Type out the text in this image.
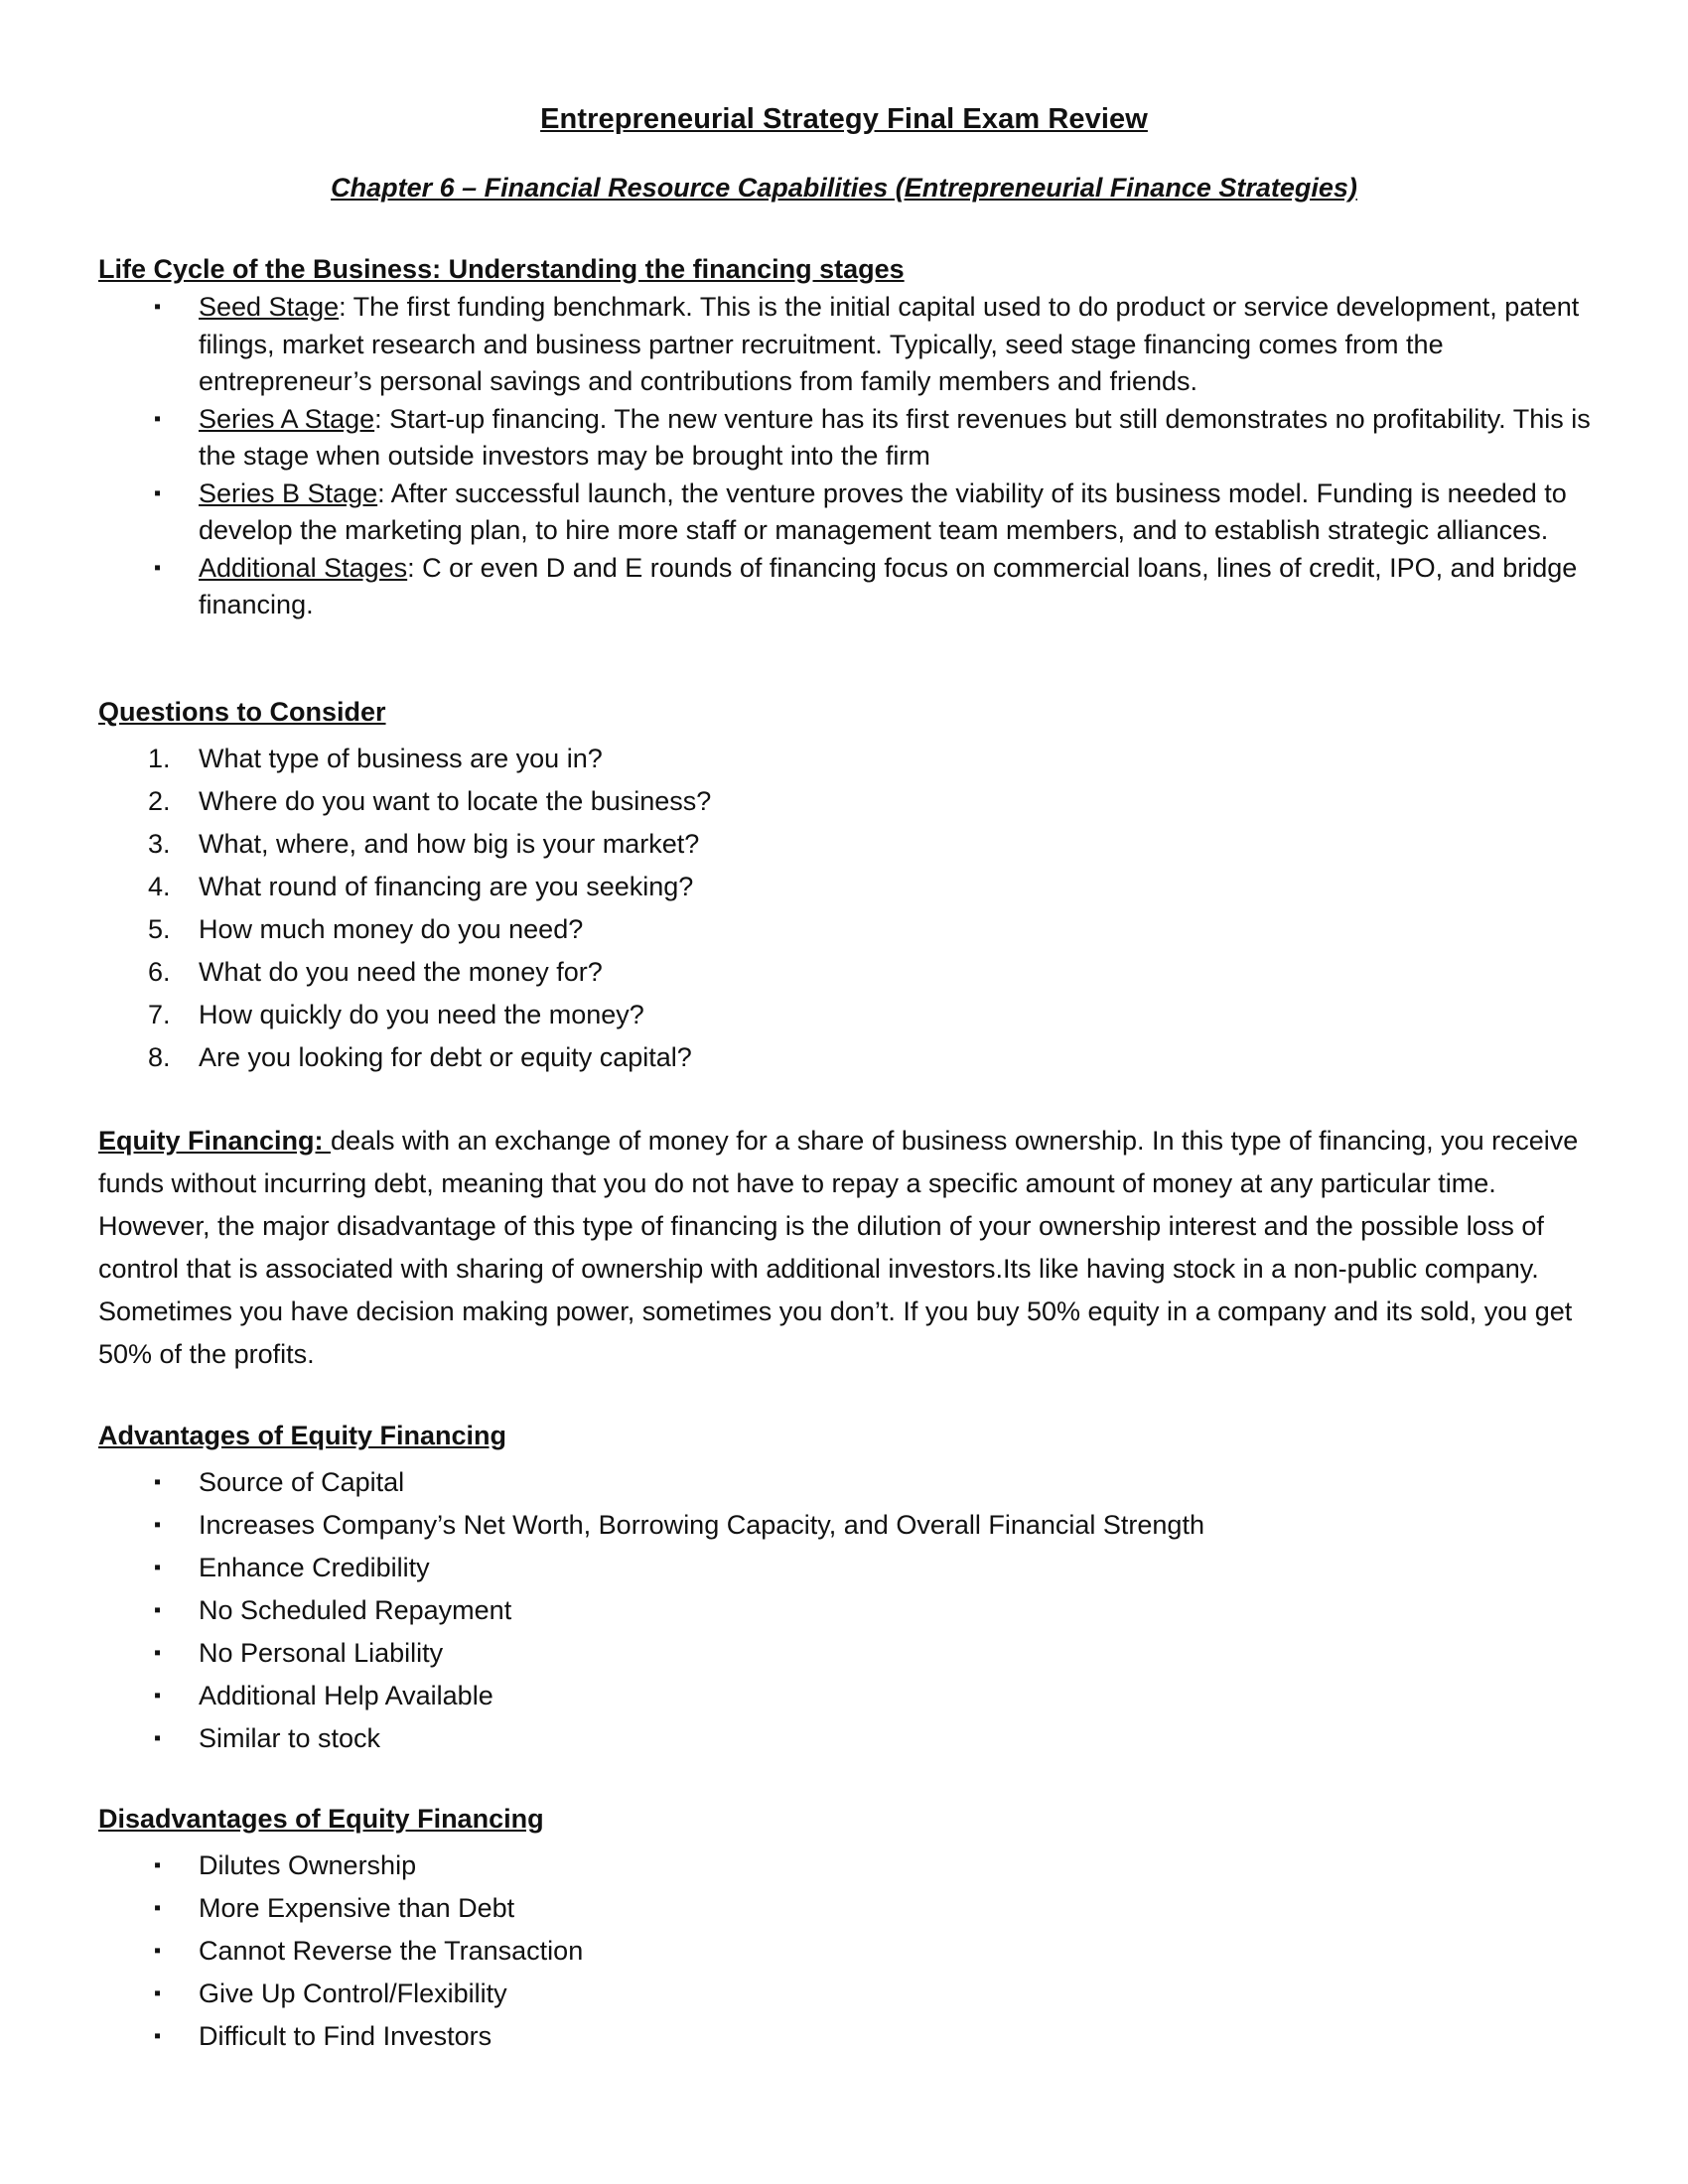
Entrepreneurial Strategy Final Exam Review
Chapter 6 – Financial Resource Capabilities (Entrepreneurial Finance Strategies)
Life Cycle of the Business: Understanding the financing stages
▪ Seed Stage: The first funding benchmark. This is the initial capital used to do product or service development, patent filings, market research and business partner recruitment. Typically, seed stage financing comes from the entrepreneur’s personal savings and contributions from family members and friends.
▪ Series A Stage: Start-up financing. The new venture has its first revenues but still demonstrates no profitability. This is the stage when outside investors may be brought into the firm
▪ Series B Stage: After successful launch, the venture proves the viability of its business model. Funding is needed to develop the marketing plan, to hire more staff or management team members, and to establish strategic alliances.
▪ Additional Stages: C or even D and E rounds of financing focus on commercial loans, lines of credit, IPO, and bridge financing.
Questions to Consider
1. What type of business are you in?
2. Where do you want to locate the business?
3. What, where, and how big is your market?
4. What round of financing are you seeking?
5. How much money do you need?
6. What do you need the money for?
7. How quickly do you need the money?
8. Are you looking for debt or equity capital?
Equity Financing: deals with an exchange of money for a share of business ownership. In this type of financing, you receive funds without incurring debt, meaning that you do not have to repay a specific amount of money at any particular time. However, the major disadvantage of this type of financing is the dilution of your ownership interest and the possible loss of control that is associated with sharing of ownership with additional investors.Its like having stock in a non-public company. Sometimes you have decision making power, sometimes you don’t. If you buy 50% equity in a company and its sold, you get 50% of the profits.
Advantages of Equity Financing
▪ Source of Capital
▪ Increases Company’s Net Worth, Borrowing Capacity, and Overall Financial Strength
▪ Enhance Credibility
▪ No Scheduled Repayment
▪ No Personal Liability
▪ Additional Help Available
▪ Similar to stock
Disadvantages of Equity Financing
▪ Dilutes Ownership
▪ More Expensive than Debt
▪ Cannot Reverse the Transaction
▪ Give Up Control/Flexibility
▪ Difficult to Find Investors
